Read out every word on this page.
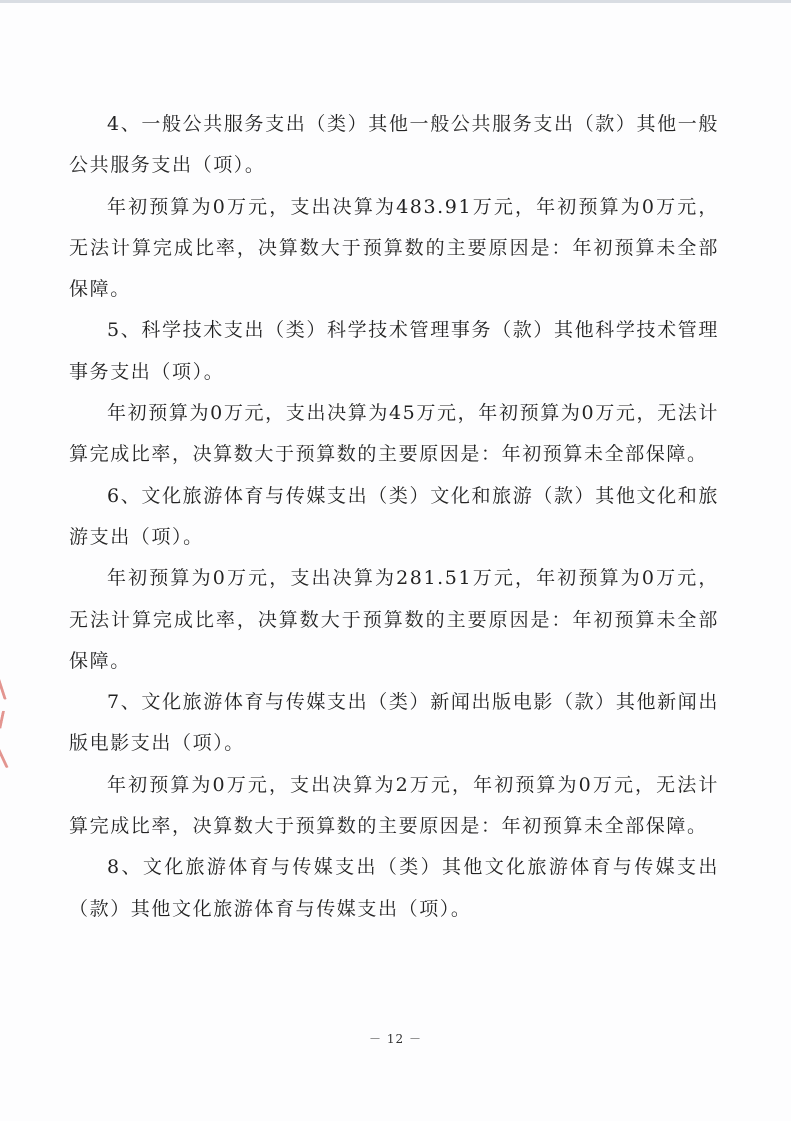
4、一般公共服务支出（类）其他一般公共服务支出（款）其他一般公共服务支出（项）。

年初预算为0万元，支出决算为483.91万元，年初预算为0万元，无法计算完成比率，决算数大于预算数的主要原因是：年初预算未全部保障。

5、科学技术支出（类）科学技术管理事务（款）其他科学技术管理事务支出（项）。

年初预算为0万元，支出决算为45万元，年初预算为0万元，无法计算完成比率，决算数大于预算数的主要原因是：年初预算未全部保障。

6、文化旅游体育与传媒支出（类）文化和旅游（款）其他文化和旅游支出（项）。

年初预算为0万元，支出决算为281.51万元，年初预算为0万元，无法计算完成比率，决算数大于预算数的主要原因是：年初预算未全部保障。

7、文化旅游体育与传媒支出（类）新闻出版电影（款）其他新闻出版电影支出（项）。

年初预算为0万元，支出决算为2万元，年初预算为0万元，无法计算完成比率，决算数大于预算数的主要原因是：年初预算未全部保障。

8、文化旅游体育与传媒支出（类）其他文化旅游体育与传媒支出（款）其他文化旅游体育与传媒支出（项）。

－ 12 －
